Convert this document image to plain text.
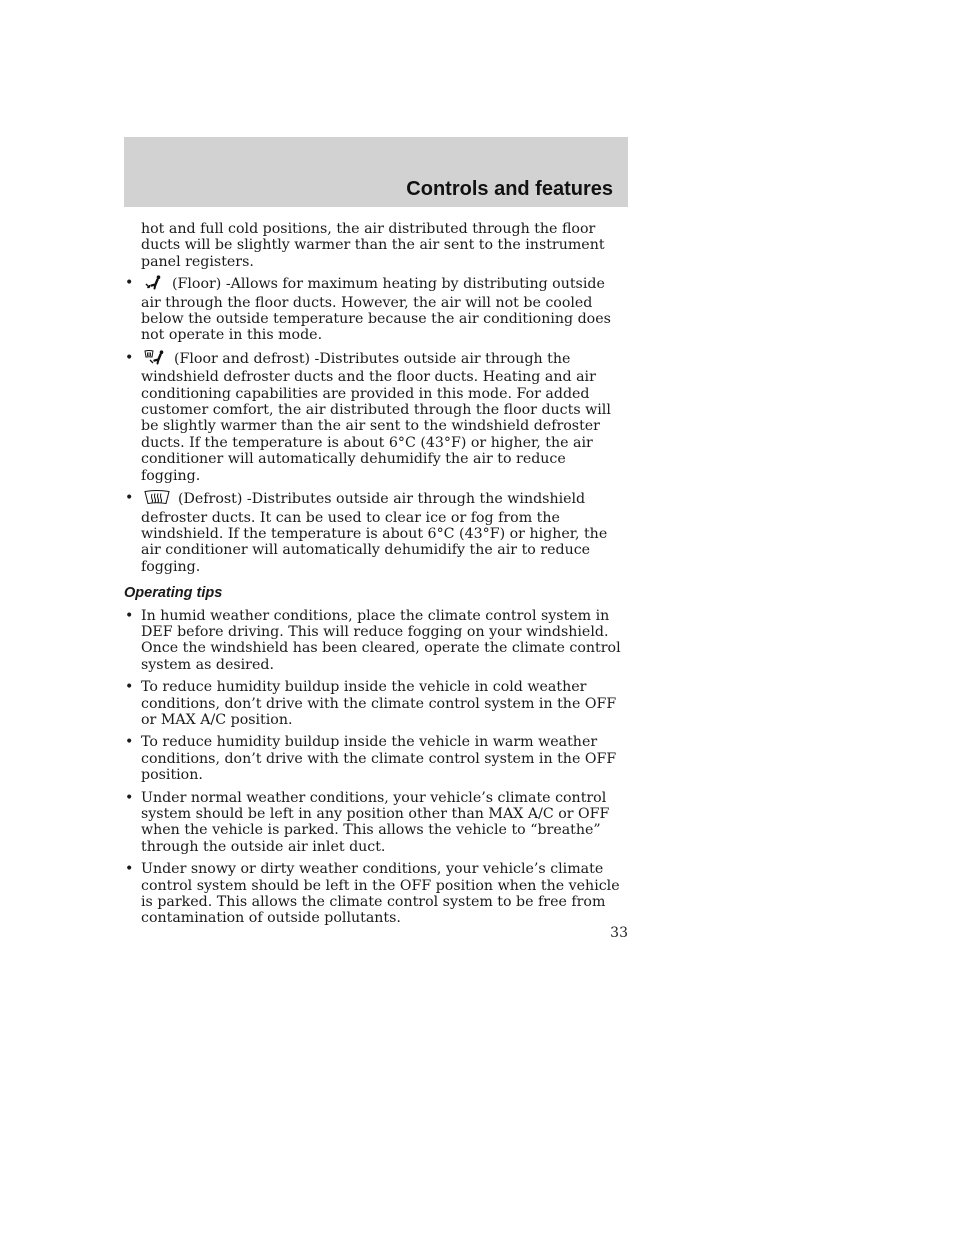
Controls and features

hot and full cold positions, the air distributed through the floor ducts will be slightly warmer than the air sent to the instrument panel registers.

•	(Floor) -Allows for maximum heating by distributing outside air through the floor ducts. However, the air will not be cooled below the outside temperature because the air conditioning does not operate in this mode.
•	(Floor and defrost) -Distributes outside air through the windshield defroster ducts and the floor ducts. Heating and air conditioning capabilities are provided in this mode. For added customer comfort, the air distributed through the floor ducts will be slightly warmer than the air sent to the windshield defroster ducts. If the temperature is about 6°C (43°F) or higher, the air conditioner will automatically dehumidify the air to reduce fogging.
•	(Defrost) -Distributes outside air through the windshield defroster ducts. It can be used to clear ice or fog from the windshield. If the temperature is about 6°C (43°F) or higher, the air conditioner will automatically dehumidify the air to reduce fogging.
Operating tips
• In humid weather conditions, place the climate control system in DEF before driving. This will reduce fogging on your windshield. Once the windshield has been cleared, operate the climate control system as desired.
• To reduce humidity buildup inside the vehicle in cold weather conditions, don’t drive with the climate control system in the OFF or MAX A/C position.
• To reduce humidity buildup inside the vehicle in warm weather conditions, don’t drive with the climate control system in the OFF position.
• Under normal weather conditions, your vehicle’s climate control system should be left in any position other than MAX A/C or OFF when the vehicle is parked. This allows the vehicle to “breathe” through the outside air inlet duct.
• Under snowy or dirty weather conditions, your vehicle’s climate control system should be left in the OFF position when the vehicle is parked. This allows the climate control system to be free from contamination of outside pollutants.
33
